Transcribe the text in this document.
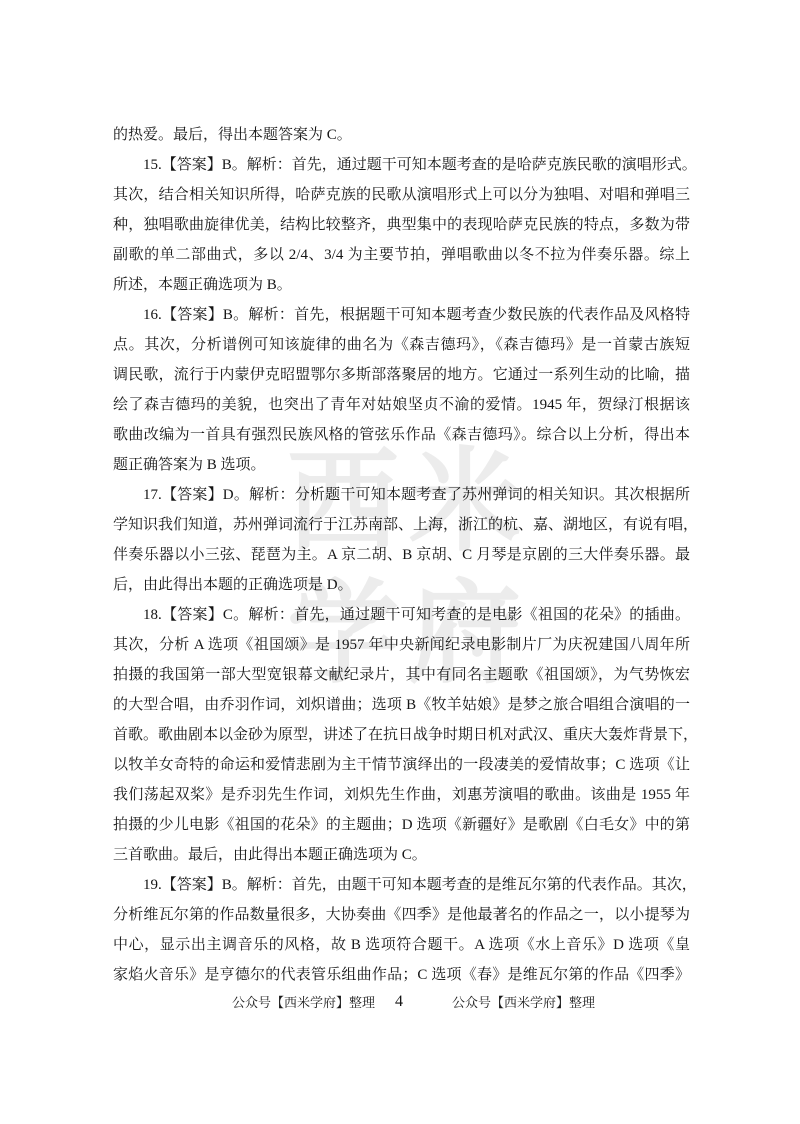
西 米
学 府
的热爱。最后，得出本题答案为 C。
15.【答案】B。解析：首先，通过题干可知本题考查的是哈萨克族民歌的演唱形式。
其次，结合相关知识所得，哈萨克族的民歌从演唱形式上可以分为独唱、对唱和弹唱三
种，独唱歌曲旋律优美，结构比较整齐，典型集中的表现哈萨克民族的特点，多数为带
副歌的单二部曲式，多以 2/4、3/4 为主要节拍，弹唱歌曲以冬不拉为伴奏乐器。综上
所述，本题正确选项为 B。
16.【答案】B。解析：首先，根据题干可知本题考查少数民族的代表作品及风格特
点。其次，分析谱例可知该旋律的曲名为《森吉德玛》，《森吉德玛》是一首蒙古族短
调民歌，流行于内蒙伊克昭盟鄂尔多斯部落聚居的地方。它通过一系列生动的比喻，描
绘了森吉德玛的美貌，也突出了青年对姑娘坚贞不渝的爱情。1945 年，贺绿汀根据该
歌曲改编为一首具有强烈民族风格的管弦乐作品《森吉德玛》。综合以上分析，得出本
题正确答案为 B 选项。
17.【答案】D。解析：分析题干可知本题考查了苏州弹词的相关知识。其次根据所
学知识我们知道，苏州弹词流行于江苏南部、上海，浙江的杭、嘉、湖地区，有说有唱，
伴奏乐器以小三弦、琵琶为主。A 京二胡、B 京胡、C 月琴是京剧的三大伴奏乐器。最
后，由此得出本题的正确选项是 D。
18.【答案】C。解析：首先，通过题干可知考查的是电影《祖国的花朵》的插曲。
其次，分析 A 选项《祖国颂》是 1957 年中央新闻纪录电影制片厂为庆祝建国八周年所
拍摄的我国第一部大型宽银幕文献纪录片，其中有同名主题歌《祖国颂》，为气势恢宏
的大型合唱，由乔羽作词，刘炽谱曲；选项 B《牧羊姑娘》是梦之旅合唱组合演唱的一
首歌。歌曲剧本以金砂为原型，讲述了在抗日战争时期日机对武汉、重庆大轰炸背景下，
以牧羊女奇特的命运和爱情悲剧为主干情节演绎出的一段凄美的爱情故事；C 选项《让
我们荡起双桨》是乔羽先生作词，刘炽先生作曲，刘惠芳演唱的歌曲。该曲是 1955 年
拍摄的少儿电影《祖国的花朵》的主题曲；D 选项《新疆好》是歌剧《白毛女》中的第
三首歌曲。最后，由此得出本题正确选项为 C。
19.【答案】B。解析：首先，由题干可知本题考查的是维瓦尔第的代表作品。其次，
分析维瓦尔第的作品数量很多，大协奏曲《四季》是他最著名的作品之一，以小提琴为
中心，显示出主调音乐的风格，故 B 选项符合题干。A 选项《水上音乐》D 选项《皇
家焰火音乐》是亨德尔的代表管乐组曲作品；C 选项《春》是维瓦尔第的作品《四季》
公众号【西米学府】整理 4	公众号【西米学府】整理
